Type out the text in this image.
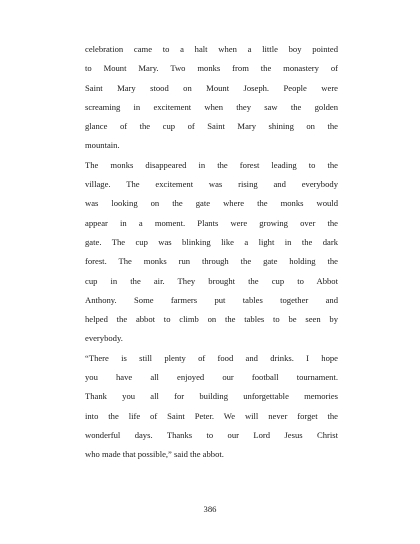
celebration came to a halt when a little boy pointed
to Mount Mary. Two monks from the monastery of
Saint Mary stood on Mount Joseph. People were
screaming in excitement when they saw the golden
glance of the cup of Saint Mary shining on the
mountain.
The monks disappeared in the forest leading to the
village. The excitement was rising and everybody
was looking on the gate where the monks would
appear in a moment. Plants were growing over the
gate. The cup was blinking like a light in the dark
forest. The monks run through the gate holding the
cup in the air. They brought the cup to Abbot
Anthony. Some farmers put tables together and
helped the abbot to climb on the tables to be seen by
everybody.
“There is still plenty of food and drinks. I hope
you have all enjoyed our football tournament.
Thank you all for building unforgettable memories
into the life of Saint Peter. We will never forget the
wonderful days. Thanks to our Lord Jesus Christ
who made that possible,” said the abbot.
386
